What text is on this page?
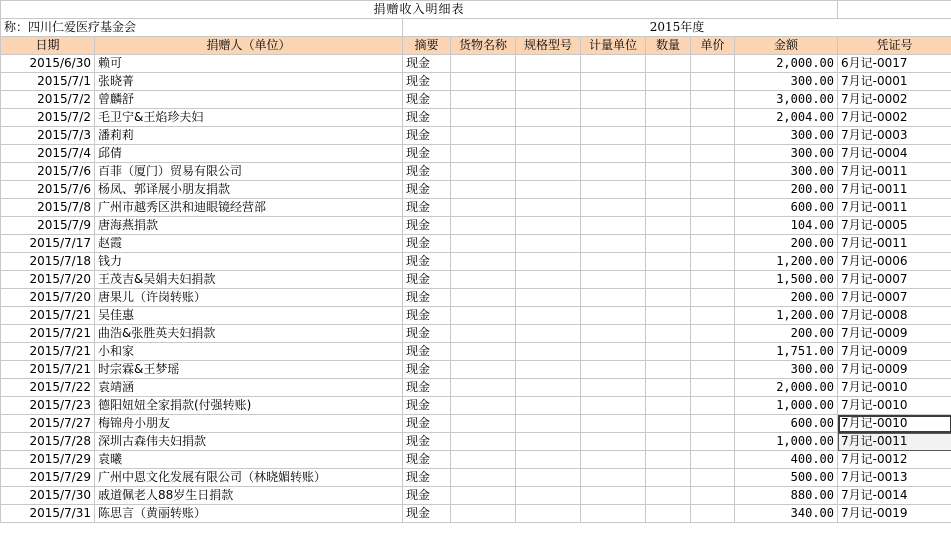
捐赠收入明细表									
称：四川仁爱医疗基金会		2015年度							
日期	捐赠人（单位）	摘要	货物名称	规格型号	计量单位	数量	单价	金额	凭证号
2015/6/30	赖可	现金						2,000.00	6月记-0017
2015/7/1	张晓菁	现金						300.00	7月记-0001
2015/7/2	曾麟舒	现金						3,000.00	7月记-0002
2015/7/2	毛卫宁&王焰珍夫妇	现金						2,004.00	7月记-0002
2015/7/3	潘莉莉	现金						300.00	7月记-0003
2015/7/4	邱倩	现金						300.00	7月记-0004
2015/7/6	百菲（厦门）贸易有限公司	现金						300.00	7月记-0011
2015/7/6	杨凤、郭译展小朋友捐款	现金						200.00	7月记-0011
2015/7/8	广州市越秀区洪和迪眼镜经营部	现金						600.00	7月记-0011
2015/7/9	唐海燕捐款	现金						104.00	7月记-0005
2015/7/17	赵霞	现金						200.00	7月记-0011
2015/7/18	钱力	现金						1,200.00	7月记-0006
2015/7/20	王茂吉&吴娟夫妇捐款	现金						1,500.00	7月记-0007
2015/7/20	唐果儿（许岗转账）	现金						200.00	7月记-0007
2015/7/21	吴佳惠	现金						1,200.00	7月记-0008
2015/7/21	曲浩&张胜英夫妇捐款	现金						200.00	7月记-0009
2015/7/21	小和家	现金						1,751.00	7月记-0009
2015/7/21	时宗霖&王梦瑶	现金						300.00	7月记-0009
2015/7/22	袁靖涵	现金						2,000.00	7月记-0010
2015/7/23	德阳妞妞全家捐款(付强转账)	现金						1,000.00	7月记-0010
2015/7/27	梅锦舟小朋友	现金						600.00	7月记-0010
2015/7/28	深圳古森伟夫妇捐款	现金						1,000.00	7月记-0011
2015/7/29	袁曦	现金						400.00	7月记-0012
2015/7/29	广州中恩文化发展有限公司（林晓媚转账）	现金						500.00	7月记-0013
2015/7/30	戚道佩老人88岁生日捐款	现金						880.00	7月记-0014
2015/7/31	陈思言（黄丽转账）	现金						340.00	7月记-0019
